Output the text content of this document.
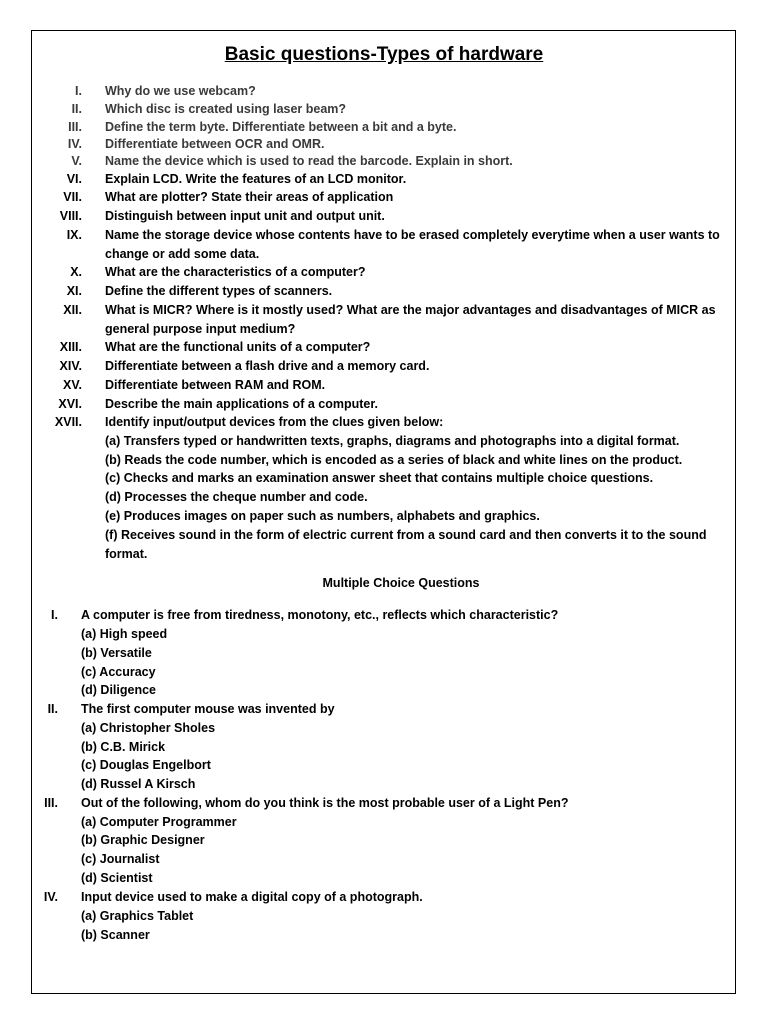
Basic questions-Types of hardware
I. Why do we use webcam?
II. Which disc is created using laser beam?
III. Define the term byte. Differentiate between a bit and a byte.
IV. Differentiate between OCR and OMR.
V. Name the device which is used to read the barcode. Explain in short.
VI. Explain LCD. Write the features of an LCD monitor.
VII. What are plotter? State their areas of application
VIII. Distinguish between input unit and output unit.
IX. Name the storage device whose contents have to be erased completely everytime when a user wants to
change or add some data.
X. What are the characteristics of a computer?
XI. Define the different types of scanners.
XII. What is MICR? Where is it mostly used? What are the major advantages and disadvantages of MICR as
general purpose input medium?
XIII. What are the functional units of a computer?
XIV. Differentiate between a flash drive and a memory card.
XV. Differentiate between RAM and ROM.
XVI. Describe the main applications of a computer.
XVII. Identify input/output devices from the clues given below:
(a) Transfers typed or handwritten texts, graphs, diagrams and photographs into a digital format.
(b) Reads the code number, which is encoded as a series of black and white lines on the product.
(c) Checks and marks an examination answer sheet that contains multiple choice questions.
(d) Processes the cheque number and code.
(e) Produces images on paper such as numbers, alphabets and graphics.
(f) Receives sound in the form of electric current from a sound card and then converts it to the sound
format.
Multiple Choice Questions
I. A computer is free from tiredness, monotony, etc., reflects which characteristic?
(a) High speed
(b) Versatile
(c) Accuracy
(d) Diligence
II. The first computer mouse was invented by
(a) Christopher Sholes
(b) C.B. Mirick
(c) Douglas Engelbort
(d) Russel A Kirsch
III. Out of the following, whom do you think is the most probable user of a Light Pen?
(a) Computer Programmer
(b) Graphic Designer
(c) Journalist
(d) Scientist
IV. Input device used to make a digital copy of a photograph.
(a) Graphics Tablet
(b) Scanner
